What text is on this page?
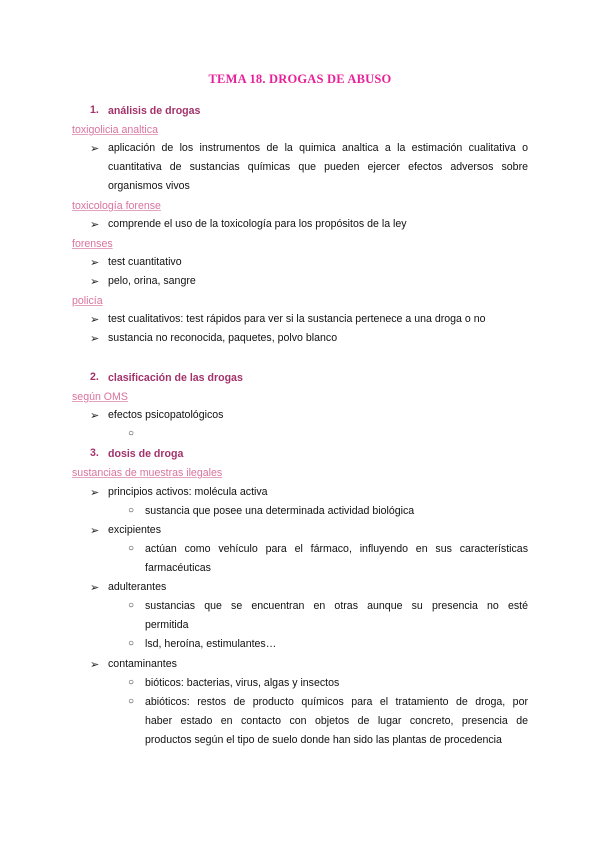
TEMA 18. DROGAS DE ABUSO
1. análisis de drogas
toxigolicia analtica
➢ aplicación de los instrumentos de la quimica analtica a la estimación cualitativa o
cuantitativa de sustancias químicas que pueden ejercer efectos adversos sobre
organismos vivos
toxicología forense
➢ comprende el uso de la toxicología para los propósitos de la ley
forenses
➢ test cuantitativo
➢ pelo, orina, sangre
policía
➢ test cualitativos: test rápidos para ver si la sustancia pertenece a una droga o no
➢ sustancia no reconocida, paquetes, polvo blanco
2. clasificación de las drogas
según OMS
➢ efectos psicopatológicos
○
3. dosis de droga
sustancias de muestras ilegales
➢ principios activos: molécula activa
○ sustancia que posee una determinada actividad biológica
➢ excipientes
○ actúan como vehículo para el fármaco, influyendo en sus características
farmacéuticas
➢ adulterantes
○ sustancias que se encuentran en otras aunque su presencia no esté
permitida
○ lsd, heroína, estimulantes…
➢ contaminantes
○ bióticos: bacterias, virus, algas y insectos
○ abióticos: restos de producto químicos para el tratamiento de droga, por
haber estado en contacto con objetos de lugar concreto, presencia de
productos según el tipo de suelo donde han sido las plantas de procedencia
